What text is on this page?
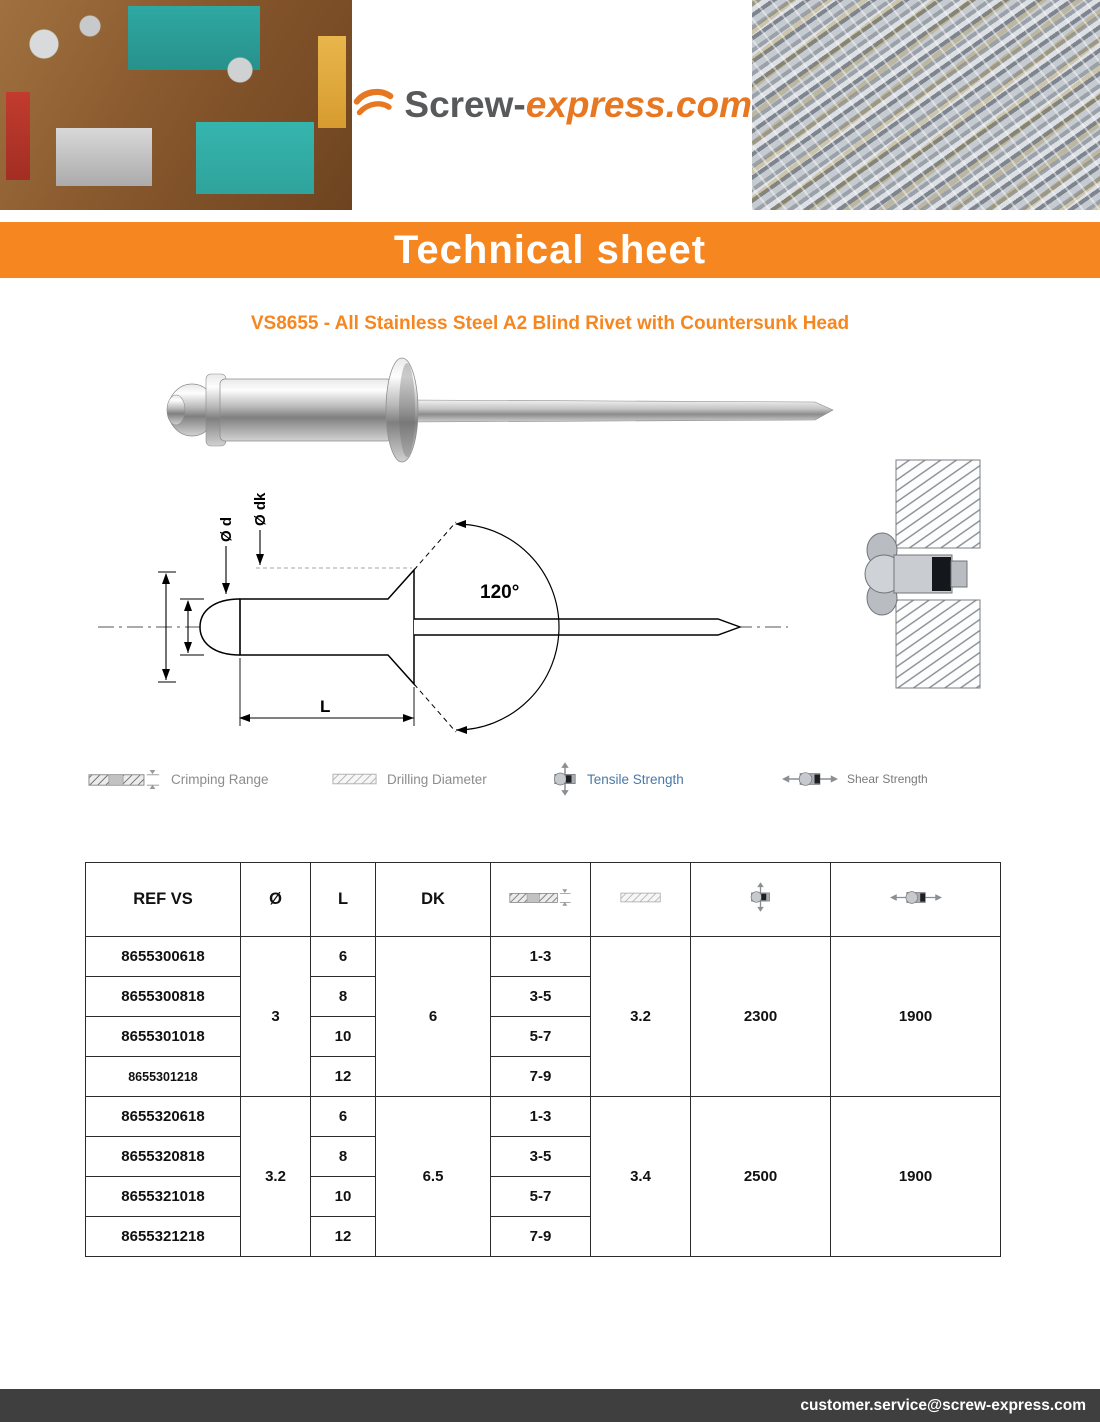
Screw-express.com
Technical sheet
VS8655 - All Stainless Steel A2 Blind Rivet with Countersunk Head
120°
Ø d
Ø dk
L
Crimping Range	Drilling Diameter	Tensile Strength	Shear Strength
REF VS	Ø	L	DK				
8655300618	3	6	6	1-3	3.2	2300	1900
8655300818		8		3-5			
8655301018		10		5-7			
8655301218		12		7-9			
8655320618	3.2	6	6.5	1-3	3.4	2500	1900
8655320818		8		3-5			
8655321018		10		5-7			
8655321218		12		7-9			
customer.service@screw-express.com
